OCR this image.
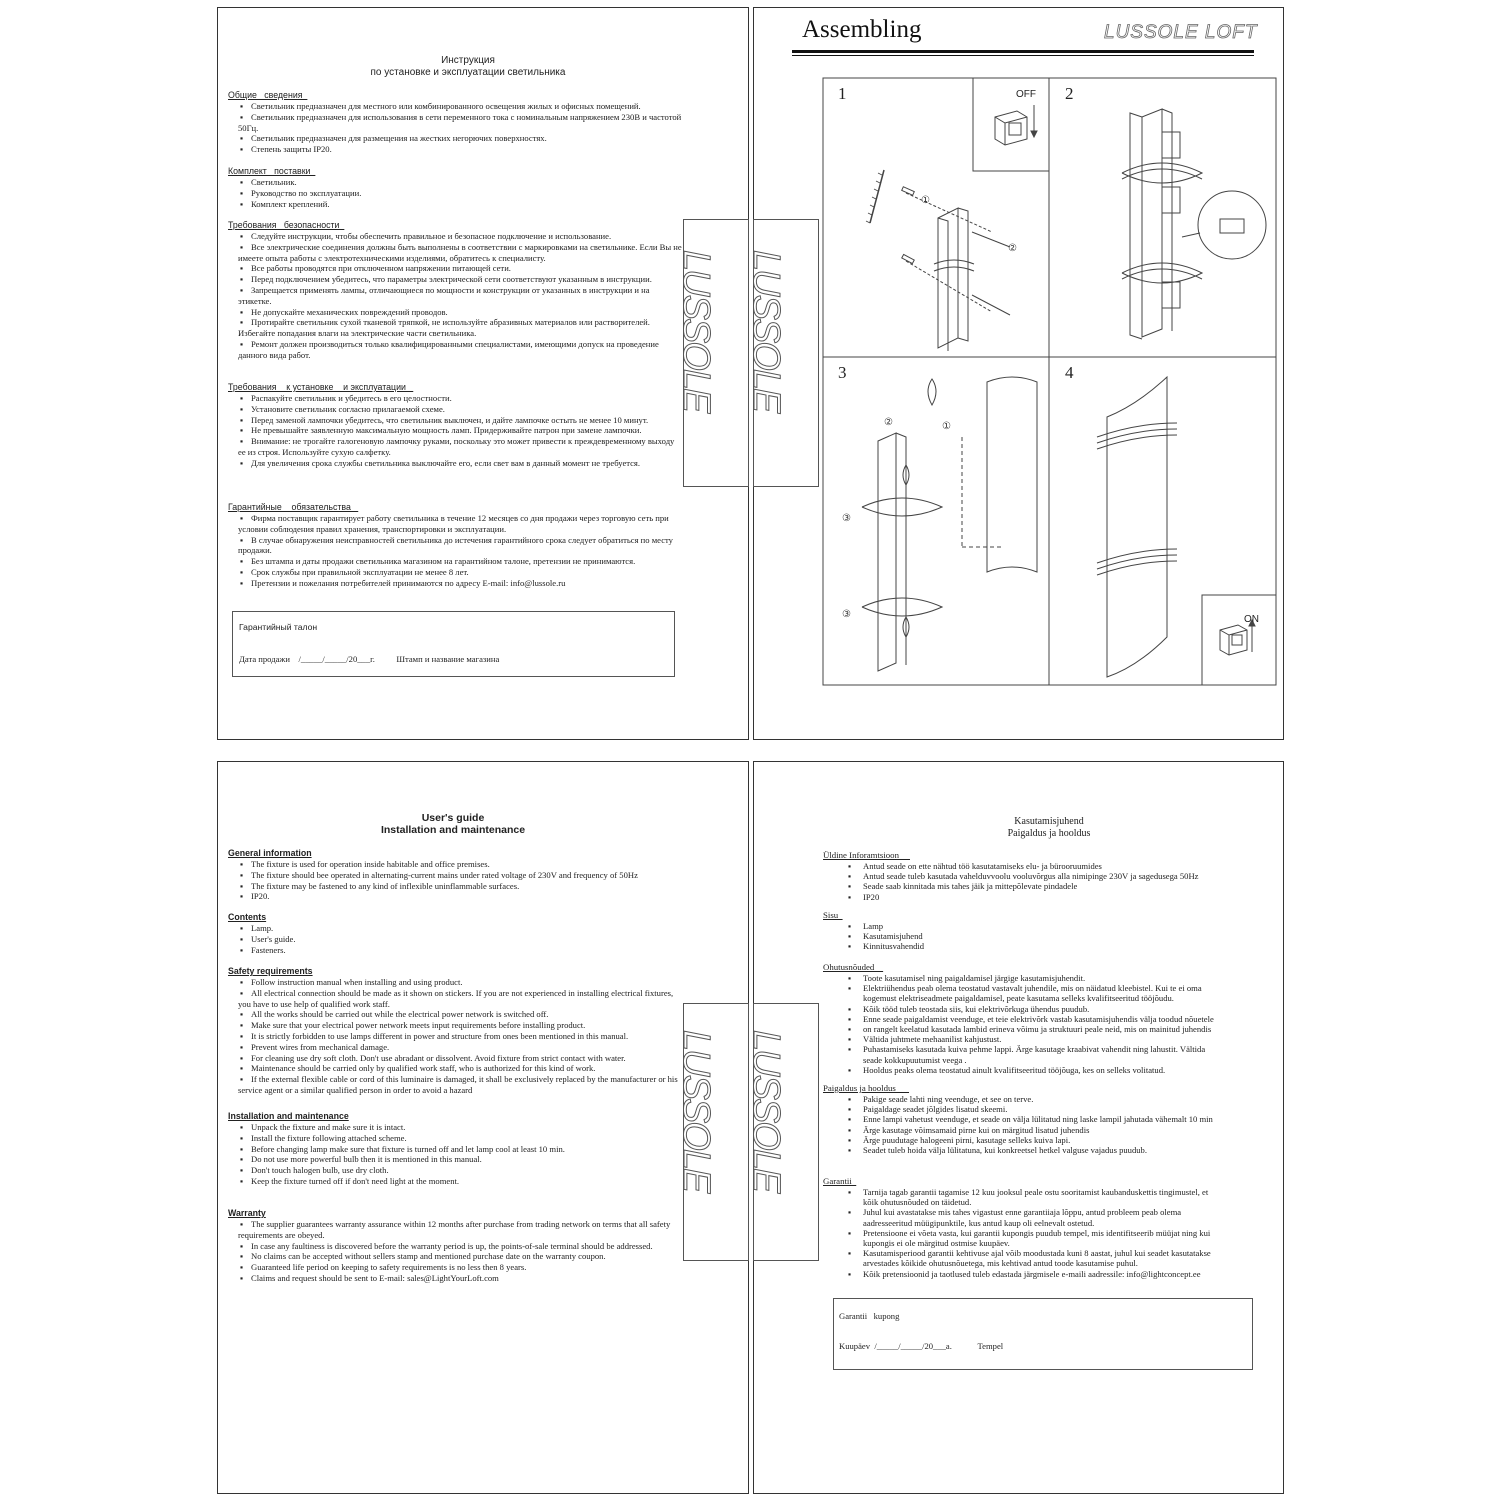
Инструкция
по установке и эксплуатации светильника
Общие   сведения

▪ Светильник предназначен для местного или комбинированного освещения жилых и офисных помещений.

▪ Светильник предназначен для использования в сети переменного тока с номинальным напряжением 230В и частотой 50Гц.

▪ Светильник предназначен для размещения на жестких негорючих поверхностях.

▪ Степень защиты IP20.

Комплект   поставки

▪ Светильник.

▪ Руководство по эксплуатации.

▪ Комплект креплений.

Требования   безопасности

▪ Следуйте инструкции, чтобы обеспечить правильное и безопасное подключение и использование.

▪ Все электрические соединения должны быть выполнены в соответствии с маркировками на светильнике. Если Вы не имеете опыта работы с электротехническими изделиями, обратитесь к специалисту.

▪ Все работы проводятся при отключенном напряжении питающей сети.

▪ Перед подключением убедитесь, что параметры электрической сети соответствуют указанным в инструкции.

▪ Запрещается применять лампы, отличающиеся по мощности и конструкции от указанных в инструкции и на этикетке.

▪ Не допускайте механических повреждений проводов.

▪ Протирайте светильник сухой тканевой тряпкой, не используйте абразивных материалов или растворителей. Избегайте попадания влаги на электрические части светильника.

▪ Ремонт должен производиться только квалифицированными специалистами, имеющими допуск на проведение данного вида работ.

Требования    к установке    и эксплуатации

▪ Распакуйте светильник и убедитесь в его целостности.

▪ Установите светильник согласно прилагаемой схеме.

▪ Перед заменой лампочки убедитесь, что светильник выключен, и дайте лампочке остыть не менее 10 минут.

▪ Не превышайте заявленную максимальную мощность ламп. Придерживайте патрон при замене лампочки.

▪ Внимание: не трогайте галогеновую лампочку руками, поскольку это может привести к преждевременному выходу ее из строя. Используйте сухую салфетку.

▪ Для увеличения срока службы светильника выключайте его, если свет вам в данный момент не требуется.

Гарантийные    обязательства

▪ Фирма поставщик гарантирует работу светильника в течение 12 месяцев со дня продажи через торговую сеть при условии соблюдения правил хранения, транспортировки и эксплуатации.

▪ В случае обнаружения неисправностей светильника до истечения гарантийного срока следует обратиться по месту продажи.

▪ Без штампа и даты продажи светильника магазином на гарантийном талоне, претензии не принимаются.

▪ Срок службы при правильной эксплуатации не менее 8 лет.

▪ Претензии и пожелания потребителей принимаются по адресу E-mail: info@lussole.ru

Гарантийный талон
Дата продажи    /_____/_____/20___г.          Штамп и название магазина
Assembling	LUSSOLE LOFT
①
②
②	①
③
③
1	2
3	4
OFF
ON
User's guide
Installation and maintenance
General information

▪ The fixture is used for operation inside habitable and office premises.

▪ The fixture should bee operated in alternating-current mains under rated voltage of 230V and frequency of 50Hz

▪ The fixture may be fastened to any kind of inflexible uninflammable surfaces.

▪ IP20.

Contents

▪ Lamp.

▪ User's guide.

▪ Fasteners.

Safety requirements

▪ Follow instruction manual when installing and using product.

▪ All electrical connection should be made as it shown on stickers. If you are not experienced in installing electrical fixtures, you have to use help of qualified work staff.

▪ All the works should be carried out while the electrical power network is switched off.

▪ Make sure that your electrical power network meets input requirements before installing product.

▪ It is strictly forbidden to use lamps different in power and structure from ones been mentioned in this manual.

▪ Prevent wires from mechanical damage.

▪ For cleaning use dry soft cloth. Don't use abradant or dissolvent. Avoid fixture from strict contact with water.

▪ Maintenance should be carried only by qualified work staff, who is authorized for this kind of work.

▪ If the external flexible cable or cord of this luminaire is damaged, it shall be exclusively replaced by the manufacturer or his service agent or a similar qualified person in order to avoid a hazard

Installation and maintenance

▪ Unpack the fixture and make sure it is intact.

▪ Install the fixture following attached scheme.

▪ Before changing lamp make sure that fixture is turned off and let lamp cool at least 10 min.

▪ Do not use more powerful bulb then it is mentioned in this manual.

▪ Don't touch halogen bulb, use dry cloth.

▪ Keep the fixture turned off if don't need light at the moment.

Warranty

▪ The supplier guarantees warranty assurance within 12 months after purchase from trading network on terms that all safety requirements are obeyed.

▪ In case any faultiness is discovered before the warranty period is up, the points-of-sale terminal should be addressed.

▪ No claims can be accepted without sellers stamp and mentioned purchase date on the warranty coupon.

▪ Guaranteed life period on keeping to safety requirements is no less then 8 years.

▪ Claims and request should be sent to E-mail: sales@LightYourLoft.com

Kasutamisjuhend
Paigaldus ja hooldus
Üldine Inforamtsioon

▪ Antud seade on ette nähtud töö kasutatamiseks elu- ja bürooruumides

▪ Antud seade tuleb kasutada vahelduvvoolu vooluvõrgus alla nimipinge 230V ja sagedusega 50Hz

▪ Seade saab kinnitada mis tahes jäik ja mittepõlevate pindadele

▪ IP20

Sisu

▪ Lamp

▪ Kasutamisjuhend

▪ Kinnitusvahendid

Ohutusnõuded

▪ Toote kasutamisel ning paigaldamisel järgige kasutamisjuhendit.

▪ Elektriühendus peab olema teostatud vastavalt juhendile, mis on näidatud kleebistel. Kui te ei oma kogemust elektriseadmete paigaldamisel, peate kasutama selleks kvalifitseeritud tööjõudu.

▪ Kõik tööd tuleb teostada siis, kui elektrivõrkuga ühendus puudub.

▪ Enne seade paigaldamist veenduge, et teie elektrivõrk vastab kasutamisjuhendis välja toodud nõuetele

▪ on rangelt keelatud kasutada lambid erineva võimu ja struktuuri peale neid, mis on mainitud juhendis

▪ Vältida juhtmete mehaanilist kahjustust.

▪ Puhastamiseks kasutada kuiva pehme lappi. Ärge kasutage kraabivat vahendit ning lahustit. Vältida seade kokkupuutumist veega .

▪ Hooldus peaks olema teostatud ainult kvalifitseeritud tööjõuga, kes on selleks volitatud.

Paigaldus ja hooldus

▪ Pakige seade lahti ning veenduge, et see on terve.

▪ Paigaldage seadet jõlgides lisatud skeemi.

▪ Enne lampi vahetust veenduge, et seade on välja lülitatud ning laske lampil jahutada vähemalt 10 min

▪ Ärge kasutage võimsamaid pirne kui on märgitud lisatud juhendis

▪ Ärge puudutage halogeeni pirni, kasutage selleks kuiva lapi.

▪ Seadet tuleb hoida välja lülitatuna, kui konkreetsel hetkel valguse vajadus puudub.

Garantii

▪ Tarnija tagab garantii tagamise 12 kuu jooksul peale ostu sooritamist kaubanduskettis tingimustel, et kõik ohutusnõuded on täidetud.

▪ Juhul kui avastatakse mis tahes vigastust enne garantiiaja lõppu, antud probleem peab olema aadresseeritud müügipunktile, kus antud kaup oli eelnevalt ostetud.

▪ Pretensioone ei võeta vasta, kui garantii kupongis puudub tempel, mis identifitseerib müüjat ning kui kupongis ei ole märgitud ostmise kuupäev.

▪ Kasutamisperiood garantii kehtivuse ajal võib moodustada kuni 8 aastat, juhul kui seadet kasutatakse arvestades kõikide ohutusnõuetega, mis kehtivad antud toode kasutamise puhul.

▪ Kõik pretensioonid ja taotlused tuleb edastada järgmisele e-maili aadressile: info@lightconcept.ee

Garantii   kupong
Kuupäev  /_____/_____/20___a.            Tempel
LUSSOLE LUSSOLE
LUSSOLE LUSSOLE
